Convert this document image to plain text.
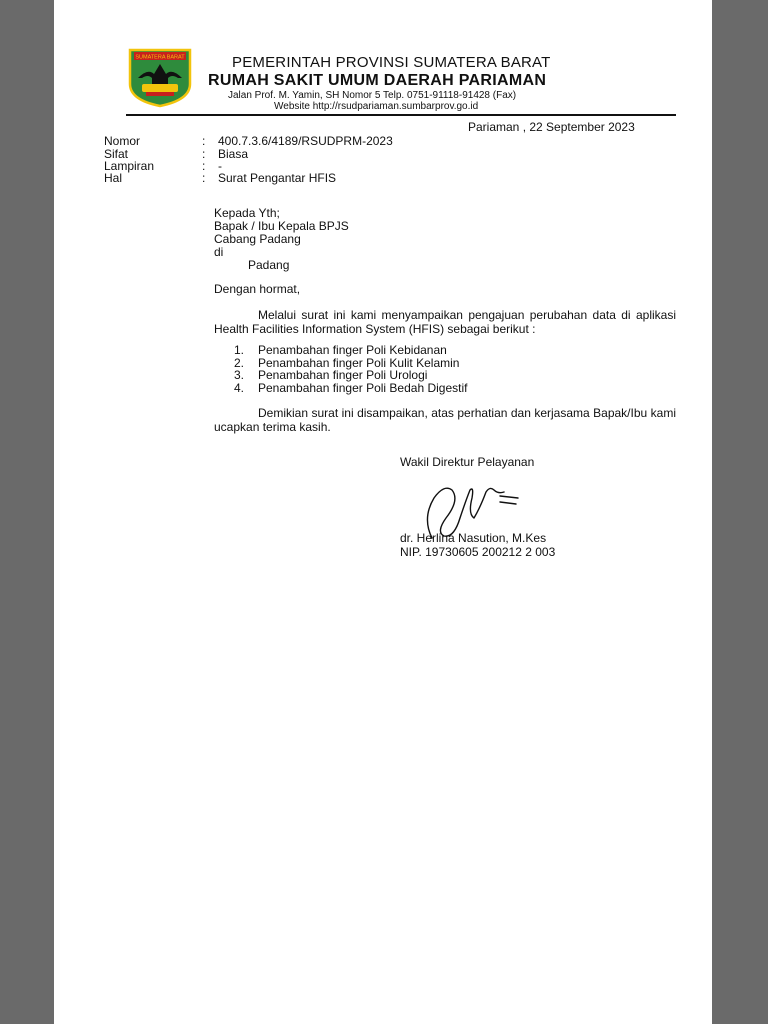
SUMATERA BARAT	PEMERINTAH PROVINSI SUMATERA BARAT
RUMAH SAKIT UMUM DAERAH PARIAMAN
Jalan Prof. M. Yamin, SH Nomor 5 Telp. 0751-91118-91428 (Fax)
Website http://rsudpariaman.sumbarprov.go.id
Pariaman , 22 September 2023
Nomor	: 400.7.3.6/4189/RSUDPRM-2023
Sifat	: Biasa
Lampiran	: -
Hal	: Surat Pengantar HFIS
Kepada Yth;
Bapak / Ibu Kepala BPJS
Cabang Padang
di
Padang
Dengan hormat,
Melalui surat ini kami menyampaikan pengajuan perubahan data di aplikasi Health Facilities Information System (HFIS) sebagai berikut :
1. Penambahan finger Poli Kebidanan
2. Penambahan finger Poli Kulit Kelamin
3. Penambahan finger Poli Urologi
4. Penambahan finger Poli Bedah Digestif
Demikian surat ini disampaikan, atas perhatian dan kerjasama Bapak/Ibu kami ucapkan terima kasih.
Wakil Direktur Pelayanan
dr. Herlina Nasution, M.Kes
NIP. 19730605 200212 2 003
